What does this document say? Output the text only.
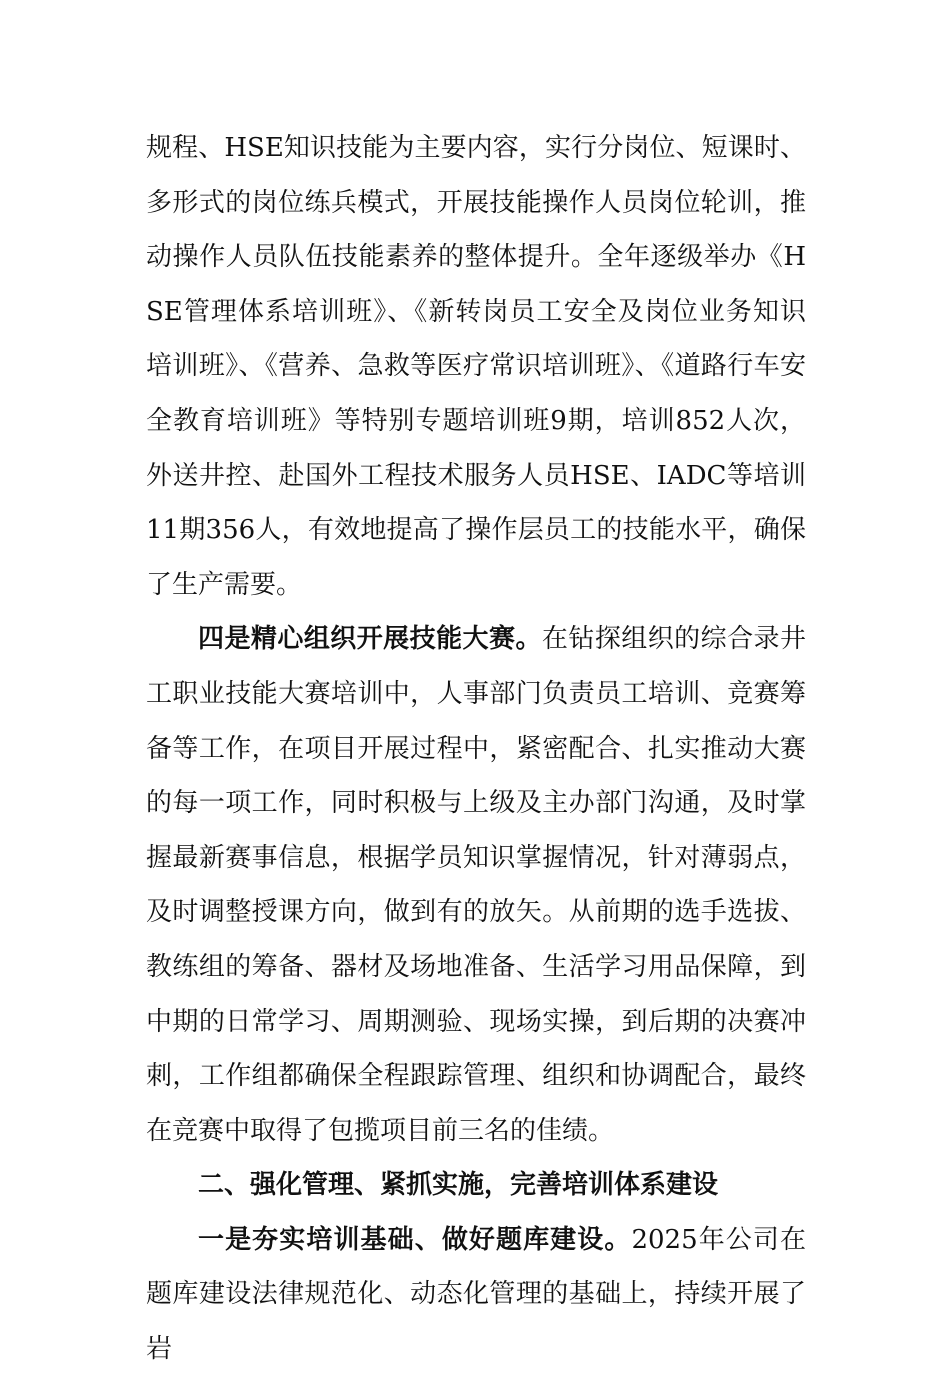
规程、HSE知识技能为主要内容，实行分岗位、短课时、多形式的岗位练兵模式，开展技能操作人员岗位轮训，推动操作人员队伍技能素养的整体提升。全年逐级举办《HSE管理体系培训班》、《新转岗员工安全及岗位业务知识培训班》、《营养、急救等医疗常识培训班》、《道路行车安全教育培训班》等特别专题培训班9期，培训852人次，外送井控、赴国外工程技术服务人员HSE、IADC等培训11期356人，有效地提高了操作层员工的技能水平，确保了生产需要。

四是精心组织开展技能大赛。在钻探组织的综合录井工职业技能大赛培训中，人事部门负责员工培训、竞赛筹备等工作，在项目开展过程中，紧密配合、扎实推动大赛的每一项工作，同时积极与上级及主办部门沟通，及时掌握最新赛事信息，根据学员知识掌握情况，针对薄弱点，及时调整授课方向，做到有的放矢。从前期的选手选拔、教练组的筹备、器材及场地准备、生活学习用品保障，到中期的日常学习、周期测验、现场实操，到后期的决赛冲刺，工作组都确保全程跟踪管理、组织和协调配合，最终在竞赛中取得了包揽项目前三名的佳绩。

二、强化管理、紧抓实施，完善培训体系建设

一是夯实培训基础、做好题库建设。2025年公司在题库建设法律规范化、动态化管理的基础上，持续开展了岩
